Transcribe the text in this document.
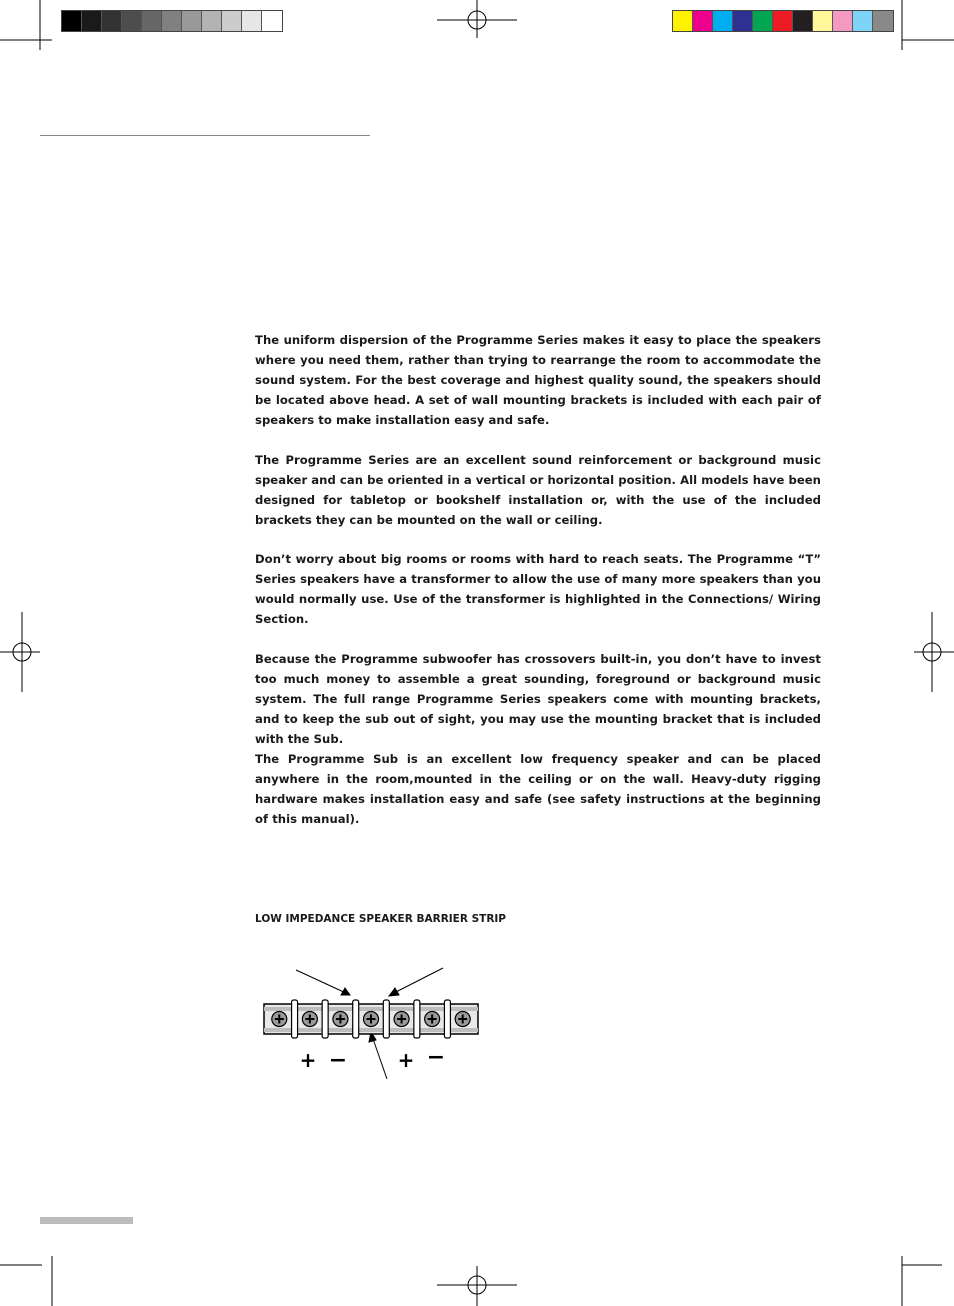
The uniform dispersion of the Programme Series makes it easy to place the speakers where you need them, rather than trying to rearrange the room to accommodate the sound system. For the best coverage and highest quality sound, the speakers should be located above head. A set of wall mounting brackets is included with each pair of speakers to make installation easy and safe.
The Programme Series are an excellent sound reinforcement or background music speaker and can be oriented in a vertical or horizontal position. All models have been designed for tabletop or bookshelf installation or, with the use of the included brackets they can be mounted on the wall or ceiling.
Don’t worry about big rooms or rooms with hard to reach seats. The Programme “T” Series speakers have a transformer to allow the use of many more speakers than you would normally use. Use of the transformer is highlighted in the Connections/ Wiring Section.
Because the Programme subwoofer has crossovers built-in, you don’t have to invest too much money to assemble a great sounding, foreground or background music system. The full range Programme Series speakers come with mounting brackets, and to keep the sub out of sight, you may use the mounting bracket that is included with the Sub.
The Programme Sub is an excellent low frequency speaker and can be placed anywhere in the room,mounted in the ceiling or on the wall. Heavy-duty rigging hardware makes installation easy and safe (see safety instructions at the beginning of this manual).
LOW IMPEDANCE SPEAKER BARRIER STRIP
+ −	+ −
